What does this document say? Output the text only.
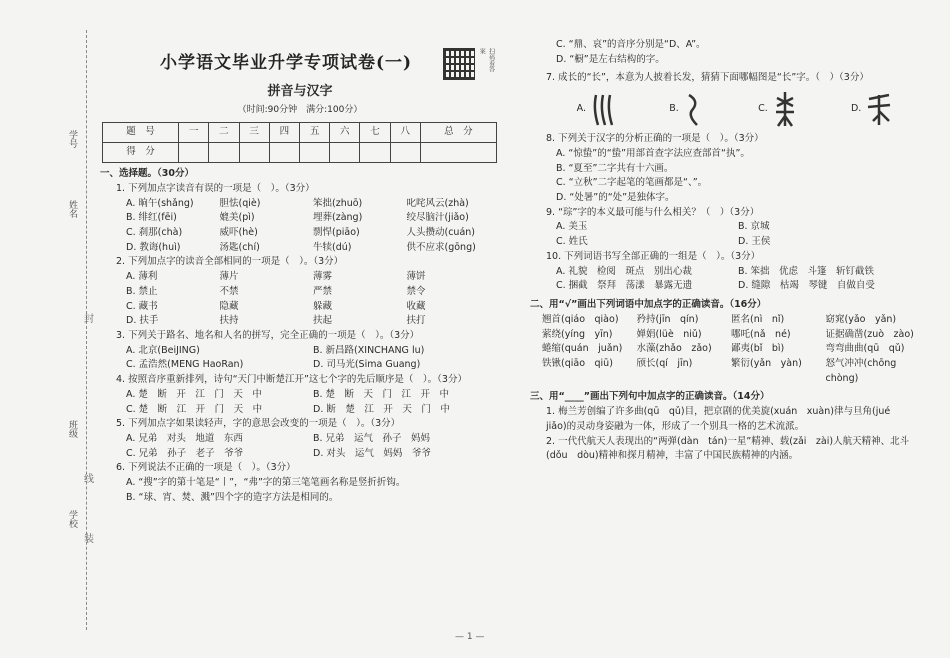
学号
姓名
封
班级
线
学校
装
小学语文毕业升学专项试卷(一)	扫码看答案
拼音与汉字
（时间:90分钟　满分:100分）
题　号	一	二	三	四	五	六	七	八	总　分
得　分									
一、选择题。（30分）
1. 下列加点字读音有误的一项是（　）。（3分）
A. 晌午(shǎng)	胆怯(qiè)	笨拙(zhuō)	叱咤风云(zhà)
B. 绯红(fēi)	媲美(pì)	埋葬(zàng)	绞尽脑汁(jiǎo)
C. 刹那(chà)	威吓(hè)	剽悍(piāo)	人头攒动(cuán)
D. 教诲(huì)	汤匙(chí)	牛犊(dú)	供不应求(gōng)
2. 下列加点字的读音全部相同的一项是（　）。（3分）
A. 薄利	薄片	薄雾	薄饼
B. 禁止	不禁	严禁	禁令
C. 藏书	隐藏	躲藏	收藏
D. 扶手	扶持	扶起	扶打
3. 下列关于路名、地名和人名的拼写，完全正确的一项是（　）。（3分）
A. 北京(BeiJING)	B. 新昌路(XINCHANG lu)
C. 孟浩然(MENG HaoRan)	D. 司马光(Sima Guang)
4. 按照音序重新排列，诗句“天门中断楚江开”这七个字的先后顺序是（　）。（3分）
A. 楚　断　开　江　门　天　中	B. 楚　断　天　门　江　开　中
C. 楚　断　江　开　门　天　中	D. 断　楚　江　开　天　门　中
5. 下列加点字如果读轻声，字的意思会改变的一项是（　）。（3分）
A. 兄弟　对头　地道　东西	B. 兄弟　运气　孙子　妈妈
C. 兄弟　孙子　老子　爷爷	D. 对头　运气　妈妈　爷爷
6. 下列说法不正确的一项是（　）。（3分）
A. “搜”字的第十笔是“丨”，“弗”字的第三笔笔画名称是竖折折钩。
B. “球、宵、焚、溅”四个字的造字方法是相同的。
C. “鼎、哀”的音序分别是“D、A”。
D. “橱”是左右结构的字。
7. 成长的“长”，本意为人披着长发，猜猜下面哪幅图是“长”字。（　）（3分）
A.	B.	C.	D.
8. 下列关于汉字的分析正确的一项是（　）。（3分）
A. “惊蛰”的“蛰”用部首查字法应查部首“执”。
B. “夏至”二字共有十六画。
C. “立秋”二字起笔的笔画都是“、”。
D. “处暑”的“处”是独体字。
9. “琮”字的本义最可能与什么相关？（　）（3分）
A. 美玉	B. 京城
C. 姓氏	D. 王侯
10. 下列词语书写全部正确的一组是（　）。（3分）
A. 礼貌　检阅　斑点　别出心裁	B. 笨拙　优虑　斗篷　斩钉截铁
C. 捆截　祭拜　荡漾　暴露无遗	D. 缝隙　枯竭　琴键　自做自受
二、用“√”画出下列词语中加点字的正确读音。（16分）
翘首(qiáo　qiào)	矜持(jīn　qín)	匿名(nì　nǐ)	窈窕(yǎo　yǎn)
萦绕(yíng　yīn)	婵娟(lüè　niǔ)	哪吒(nǎ　né)	证据确凿(zuò　zào)
蜷缩(quán　juǎn)	水藻(zhǎo　zǎo)	鄙夷(bǐ　bì)	弯弯曲曲(qū　qǔ)
铁锹(qiāo　qiū)	颀长(qí　jīn)	繁衍(yǎn　yàn)	怒气冲冲(chōng　chòng)
三、用“____”画出下列句中加点字的正确读音。（14分）
1. 梅兰芳创编了许多曲(qū　qǔ)目，把京剧的优美旋(xuán　xuàn)律与旦角(jué　jiǎo)的灵动身姿融为一体，形成了一个别具一格的艺术流派。
2. 一代代航天人表现出的“两弹(dàn　tán)一星”精神、载(zǎi　zài)人航天精神、北斗(dǒu　dòu)精神和探月精神，丰富了中国民族精神的内涵。
— 1 —
